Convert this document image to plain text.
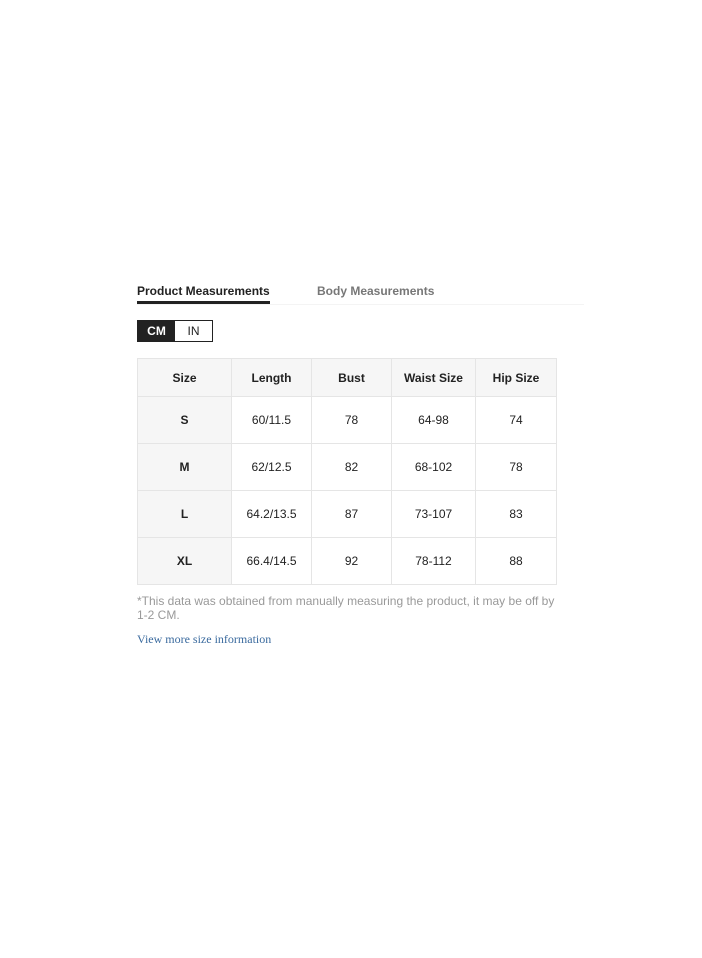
Product Measurements	Body Measurements
CM	IN
Size	Length	Bust	Waist Size	Hip Size
S	60/11.5	78	64-98	74
M	62/12.5	82	68-102	78
L	64.2/13.5	87	73-107	83
XL	66.4/14.5	92	78-112	88
*This data was obtained from manually measuring the product, it may be off by 1-2 CM.
View more size information
